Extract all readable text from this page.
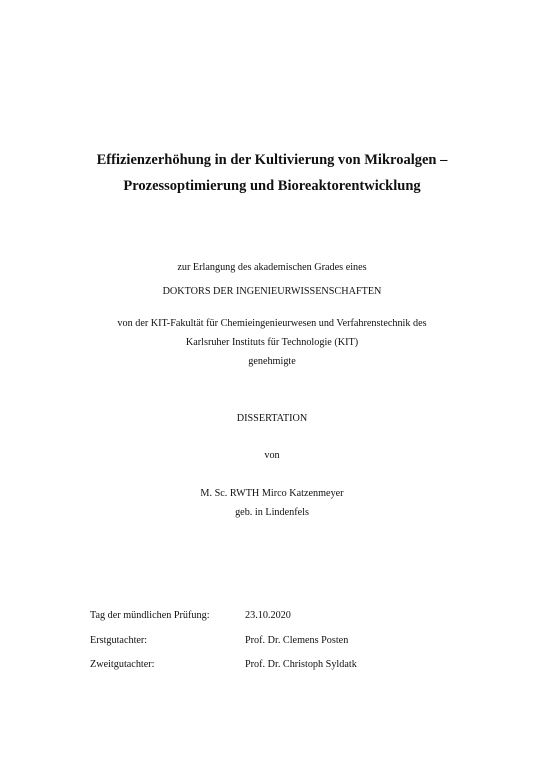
Effizienzerhöhung in der Kultivierung von Mikroalgen –
Prozessoptimierung und Bioreaktorentwicklung
zur Erlangung des akademischen Grades eines
DOKTORS DER INGENIEURWISSENSCHAFTEN
von der KIT-Fakultät für Chemieingenieurwesen und Verfahrenstechnik des
Karlsruher Instituts für Technologie (KIT)
genehmigte
DISSERTATION
von
M. Sc. RWTH Mirco Katzenmeyer
geb. in Lindenfels
Tag der mündlichen Prüfung:	23.10.2020
Erstgutachter:	Prof. Dr. Clemens Posten
Zweitgutachter:	Prof. Dr. Christoph Syldatk
